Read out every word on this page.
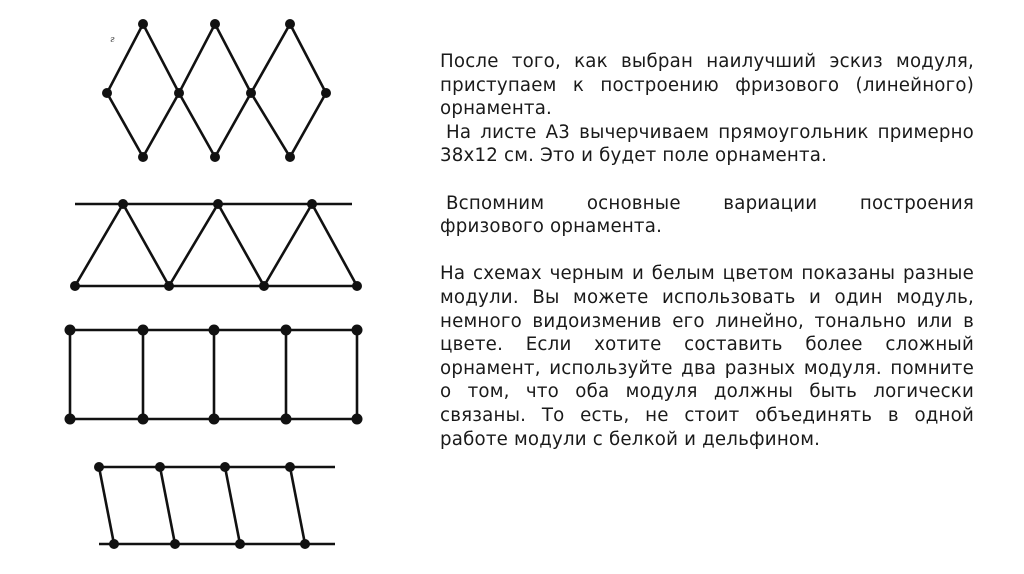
г

После того, как выбран наилучший эскиз модуля, приступаем к построению фризового (линейного) орнамента.

На листе А3 вычерчиваем прямоугольник примерно 38х12 см. Это и будет поле орнамента.

Вспомним основные вариации построения фризового орнамента.

На схемах черным и белым цветом показаны разные модули. Вы можете использовать и один модуль, немного видоизменив его линейно, тонально или в цвете. Если хотите составить более сложный орнамент, используйте два разных модуля. помните о том, что оба модуля должны быть логически связаны. То есть, не стоит объединять в одной работе модули с белкой и дельфином.
